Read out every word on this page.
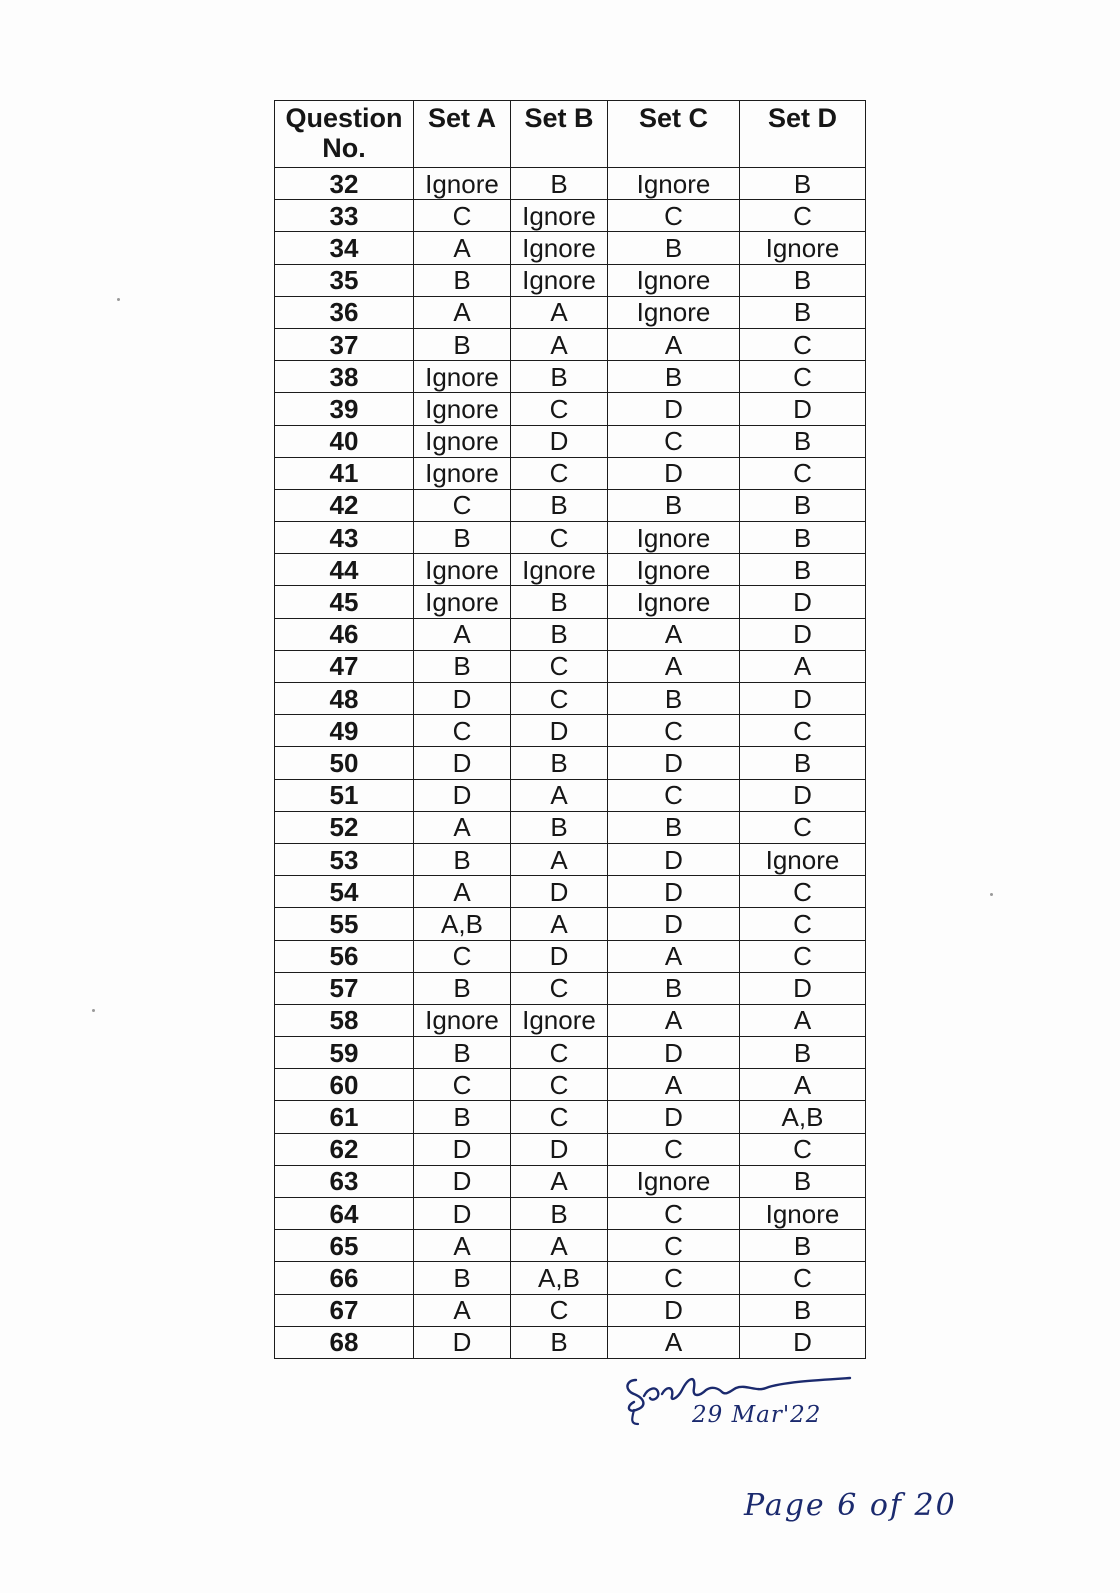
Question
No.	Set A	Set B	Set C	Set D

32	Ignore	B	Ignore	B
33	C	Ignore	C	C
34	A	Ignore	B	Ignore
35	B	Ignore	Ignore	B
36	A	A	Ignore	B
37	B	A	A	C
38	Ignore	B	B	C
39	Ignore	C	D	D
40	Ignore	D	C	B
41	Ignore	C	D	C
42	C	B	B	B
43	B	C	Ignore	B
44	Ignore	Ignore	Ignore	B
45	Ignore	B	Ignore	D
46	A	B	A	D
47	B	C	A	A
48	D	C	B	D
49	C	D	C	C
50	D	B	D	B
51	D	A	C	D
52	A	B	B	C
53	B	A	D	Ignore
54	A	D	D	C
55	A,B	A	D	C
56	C	D	A	C
57	B	C	B	D
58	Ignore	Ignore	A	A
59	B	C	D	B
60	C	C	A	A
61	B	C	D	A,B
62	D	D	C	C
63	D	A	Ignore	B
64	D	B	C	Ignore
65	A	A	C	B
66	B	A,B	C	C
67	A	C	D	B
68	D	B	A	D
29 Mar'22
Page 6 of 20
